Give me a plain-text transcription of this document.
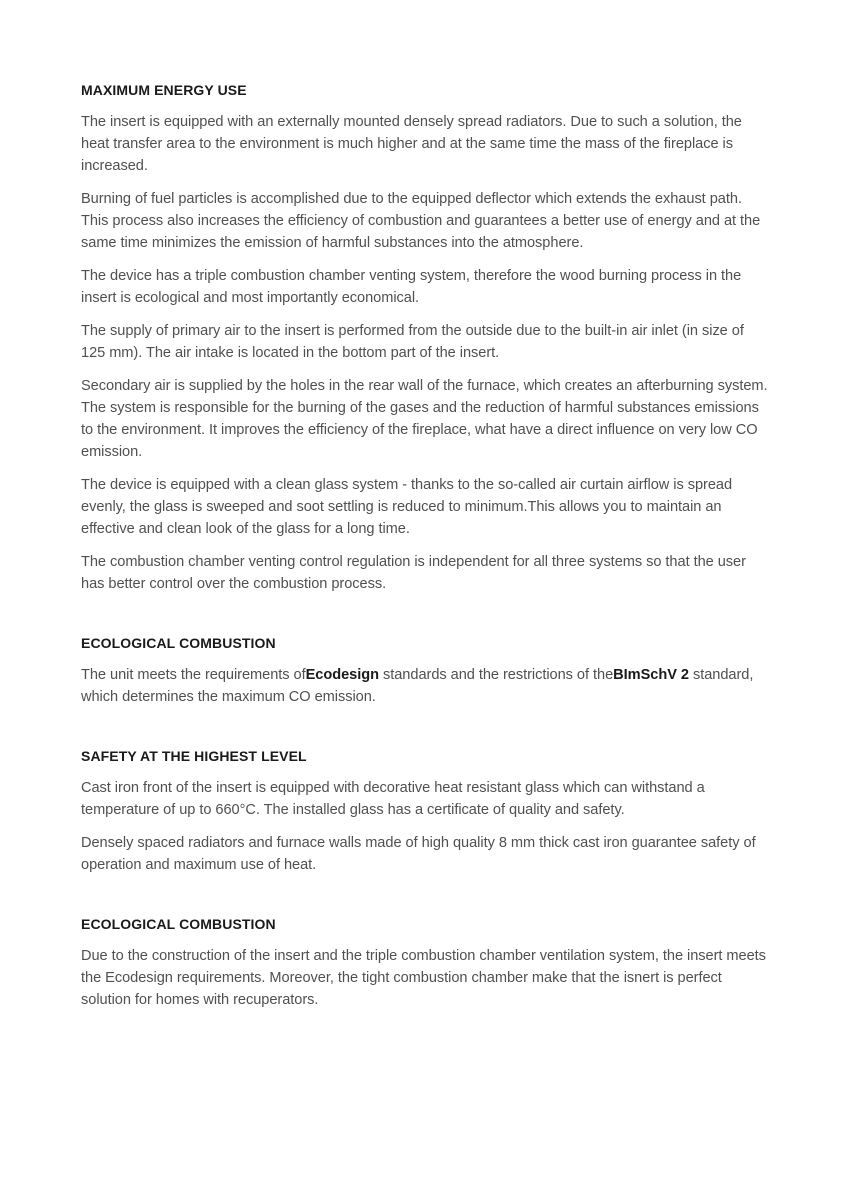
MAXIMUM ENERGY USE

The insert is equipped with an externally mounted densely spread radiators. Due to such a solution, the heat transfer area to the environment is much higher and at the same time the mass of the fireplace is increased.

Burning of fuel particles is accomplished due to the equipped deflector which extends the exhaust path. This process also increases the efficiency of combustion and guarantees a better use of energy and at the same time minimizes the emission of harmful substances into the atmosphere.

The device has a triple combustion chamber venting system, therefore the wood burning process in the insert is ecological and most importantly economical.

The supply of primary air to the insert is performed from the outside due to the built-in air inlet (in size of 125 mm). The air intake is located in the bottom part of the insert.

Secondary air is supplied by the holes in the rear wall of the furnace, which creates an afterburning system. The system is responsible for the burning of the gases and the reduction of harmful substances emissions to the environment. It improves the efficiency of the fireplace, what have a direct influence on very low CO emission.

The device is equipped with a clean glass system - thanks to the so-called air curtain airflow is spread evenly, the glass is sweeped and soot settling is reduced to minimum.This allows you to maintain an effective and clean look of the glass for a long time.

The combustion chamber venting control regulation is independent for all three systems so that the user has better control over the combustion process.

ECOLOGICAL COMBUSTION

The unit meets the requirements ofEcodesign standards and the restrictions of theBImSchV 2 standard, which determines the maximum CO emission.

SAFETY AT THE HIGHEST LEVEL

Cast iron front of the insert is equipped with decorative heat resistant glass which can withstand a temperature of up to 660°C. The installed glass has a certificate of quality and safety.

Densely spaced radiators and furnace walls made of high quality 8 mm thick cast iron guarantee safety of operation and maximum use of heat.

ECOLOGICAL COMBUSTION

Due to the construction of the insert and the triple combustion chamber ventilation system, the insert meets the Ecodesign requirements. Moreover, the tight combustion chamber make that the isnert is perfect solution for homes with recuperators.
